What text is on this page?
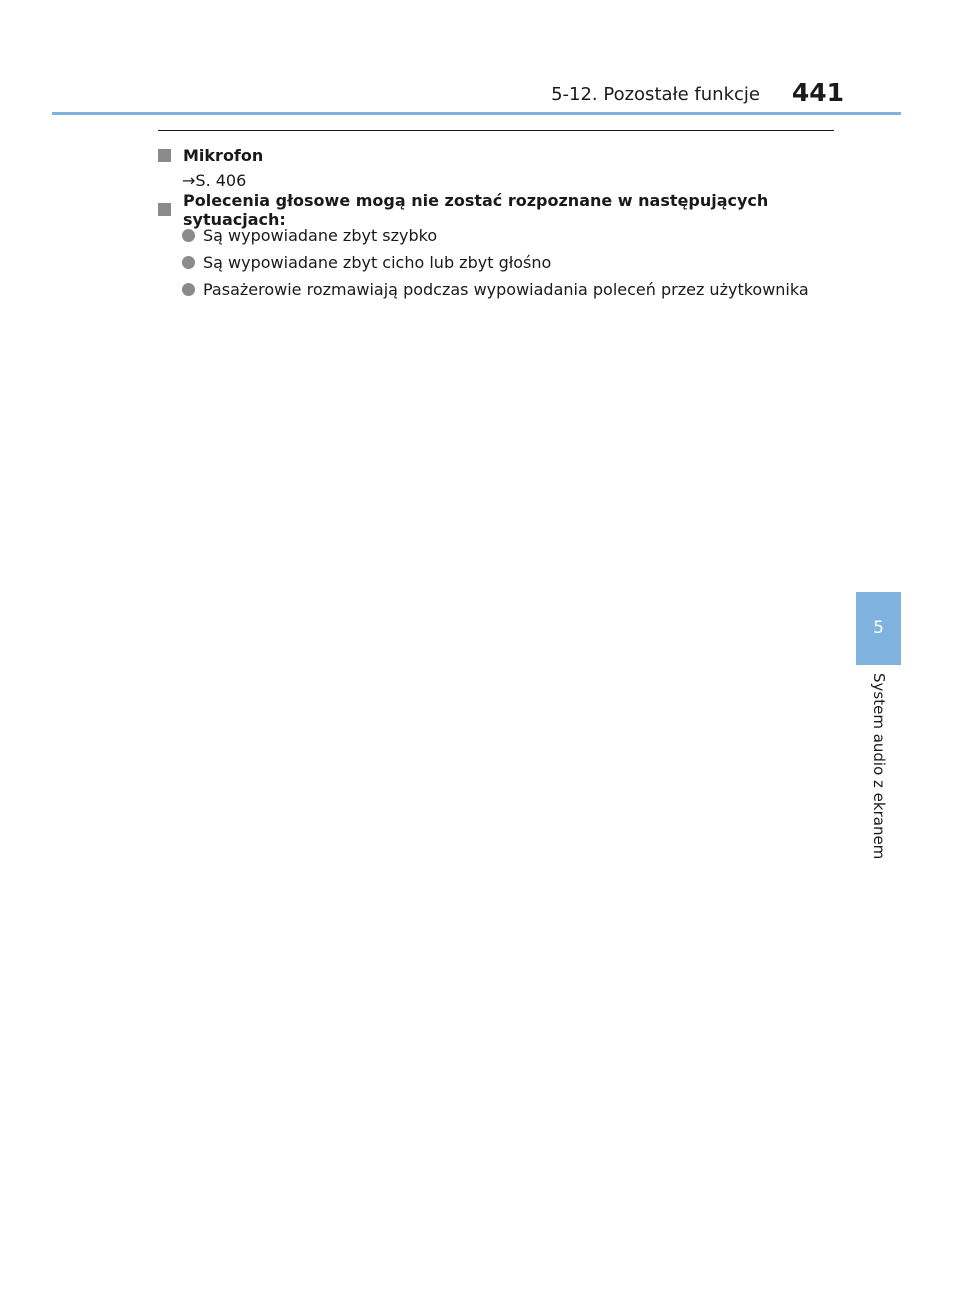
5-12. Pozostałe funkcje 441
5
System audio z ekranem
Mikrofon
→S. 406
Polecenia głosowe mogą nie zostać rozpoznane w następujących sytuacjach:
Są wypowiadane zbyt szybko
Są wypowiadane zbyt cicho lub zbyt głośno
Pasażerowie rozmawiają podczas wypowiadania poleceń przez użytkownika
